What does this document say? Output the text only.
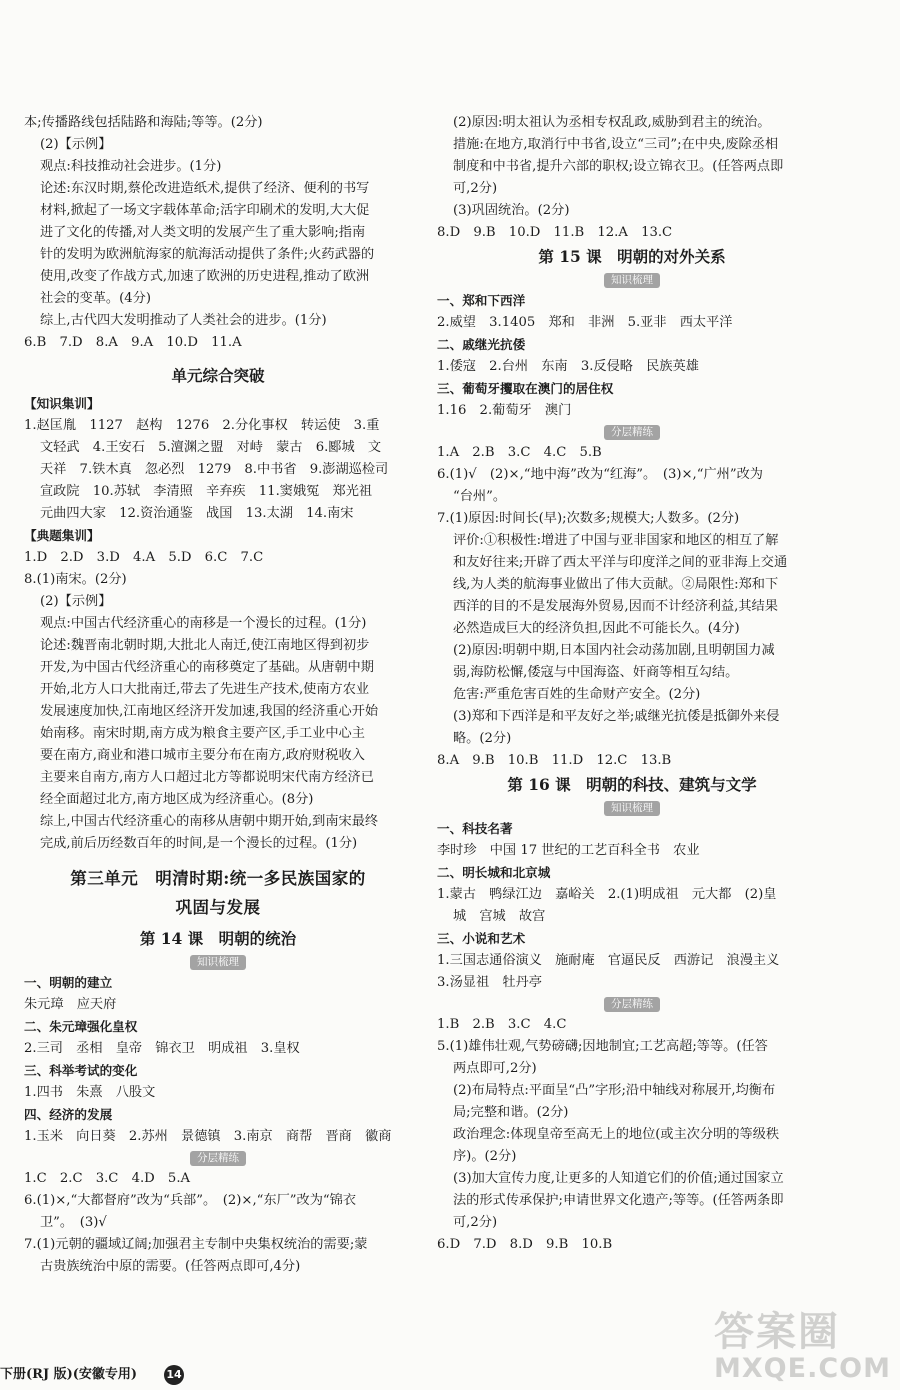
本;传播路线包括陆路和海陆;等等。(2分)

(2)【示例】

观点:科技推动社会进步。(1分)

论述:东汉时期,蔡伦改进造纸术,提供了经济、便利的书写

材料,掀起了一场文字载体革命;活字印刷术的发明,大大促

进了文化的传播,对人类文明的发展产生了重大影响;指南

针的发明为欧洲航海家的航海活动提供了条件;火药武器的

使用,改变了作战方式,加速了欧洲的历史进程,推动了欧洲

社会的变革。(4分)

综上,古代四大发明推动了人类社会的进步。(1分)

6.B　7.D　8.A　9.A　10.D　11.A

单元综合突破

【知识集训】

1.赵匡胤　1127　赵构　1276　2.分化事权　转运使　3.重

文轻武　4.王安石　5.澶渊之盟　对峙　蒙古　6.郾城　文

天祥　7.铁木真　忽必烈　1279　8.中书省　9.澎湖巡检司

宣政院　10.苏轼　李清照　辛弃疾　11.窦娥冤　郑光祖

元曲四大家　12.资治通鉴　战国　13.太湖　14.南宋

【典题集训】

1.D　2.D　3.D　4.A　5.D　6.C　7.C

8.(1)南宋。(2分)

(2)【示例】

观点:中国古代经济重心的南移是一个漫长的过程。(1分)

论述:魏晋南北朝时期,大批北人南迁,使江南地区得到初步

开发,为中国古代经济重心的南移奠定了基础。从唐朝中期

开始,北方人口大批南迁,带去了先进生产技术,使南方农业

发展速度加快,江南地区经济开发加速,我国的经济重心开始

始南移。南宋时期,南方成为粮食主要产区,手工业中心主

要在南方,商业和港口城市主要分布在南方,政府财税收入

主要来自南方,南方人口超过北方等都说明宋代南方经济已

经全面超过北方,南方地区成为经济重心。(8分)

综上,中国古代经济重心的南移从唐朝中期开始,到南宋最终

完成,前后历经数百年的时间,是一个漫长的过程。(1分)

第三单元　明清时期:统一多民族国家的
巩固与发展
第 14 课　明朝的统治
知识梳理

一、明朝的建立

朱元璋　应天府

二、朱元璋强化皇权

2.三司　丞相　皇帝　锦衣卫　明成祖　3.皇权

三、科举考试的变化

1.四书　朱熹　八股文

四、经济的发展

1.玉米　向日葵　2.苏州　景德镇　3.南京　商帮　晋商　徽商

分层精练

1.C　2.C　3.C　4.D　5.A

6.(1)×,“大都督府”改为“兵部”。　(2)×,“东厂”改为“锦衣

卫”。　(3)√

7.(1)元朝的疆域辽阔;加强君主专制中央集权统治的需要;蒙

古贵族统治中原的需要。(任答两点即可,4分)

(2)原因:明太祖认为丞相专权乱政,威胁到君主的统治。

措施:在地方,取消行中书省,设立“三司”;在中央,废除丞相

制度和中书省,提升六部的职权;设立锦衣卫。(任答两点即

可,2分)

(3)巩固统治。(2分)

8.D　9.B　10.D　11.B　12.A　13.C

第 15 课　明朝的对外关系
知识梳理

一、郑和下西洋

2.威望　3.1405　郑和　非洲　5.亚非　西太平洋

二、戚继光抗倭

1.倭寇　2.台州　东南　3.反侵略　民族英雄

三、葡萄牙攫取在澳门的居住权

1.16　2.葡萄牙　澳门

分层精练

1.A　2.B　3.C　4.C　5.B

6.(1)√　(2)×,“地中海”改为“红海”。　(3)×,“广州”改为

“台州”。

7.(1)原因:时间长(早);次数多;规模大;人数多。(2分)

评价:①积极性:增进了中国与亚非国家和地区的相互了解

和友好往来;开辟了西太平洋与印度洋之间的亚非海上交通

线,为人类的航海事业做出了伟大贡献。②局限性:郑和下

西洋的目的不是发展海外贸易,因而不计经济利益,其结果

必然造成巨大的经济负担,因此不可能长久。(4分)

(2)原因:明朝中期,日本国内社会动荡加剧,且明朝国力减

弱,海防松懈,倭寇与中国海盗、奸商等相互勾结。

危害:严重危害百姓的生命财产安全。(2分)

(3)郑和下西洋是和平友好之举;戚继光抗倭是抵御外来侵

略。(2分)

8.A　9.B　10.B　11.D　12.C　13.B

第 16 课　明朝的科技、建筑与文学
知识梳理

一、科技名著

李时珍　中国 17 世纪的工艺百科全书　农业

二、明长城和北京城

1.蒙古　鸭绿江边　嘉峪关　2.(1)明成祖　元大都　(2)皇

城　宫城　故宫

三、小说和艺术

1.三国志通俗演义　施耐庵　官逼民反　西游记　浪漫主义

3.汤显祖　牡丹亭

分层精练

1.B　2.B　3.C　4.C

5.(1)雄伟壮观,气势磅礴;因地制宜;工艺高超;等等。(任答

两点即可,2分)

(2)布局特点:平面呈“凸”字形;沿中轴线对称展开,均衡布

局;完整和谐。(2分)

政治理念:体现皇帝至高无上的地位(或主次分明的等级秩

序)。(2分)

(3)加大宣传力度,让更多的人知道它们的价值;通过国家立

法的形式传承保护;申请世界文化遗产;等等。(任答两条即

可,2分)

6.D　7.D　8.D　9.B　10.B

下册(RJ 版)(安徽专用)	14
答案圈
MXQE.COM
